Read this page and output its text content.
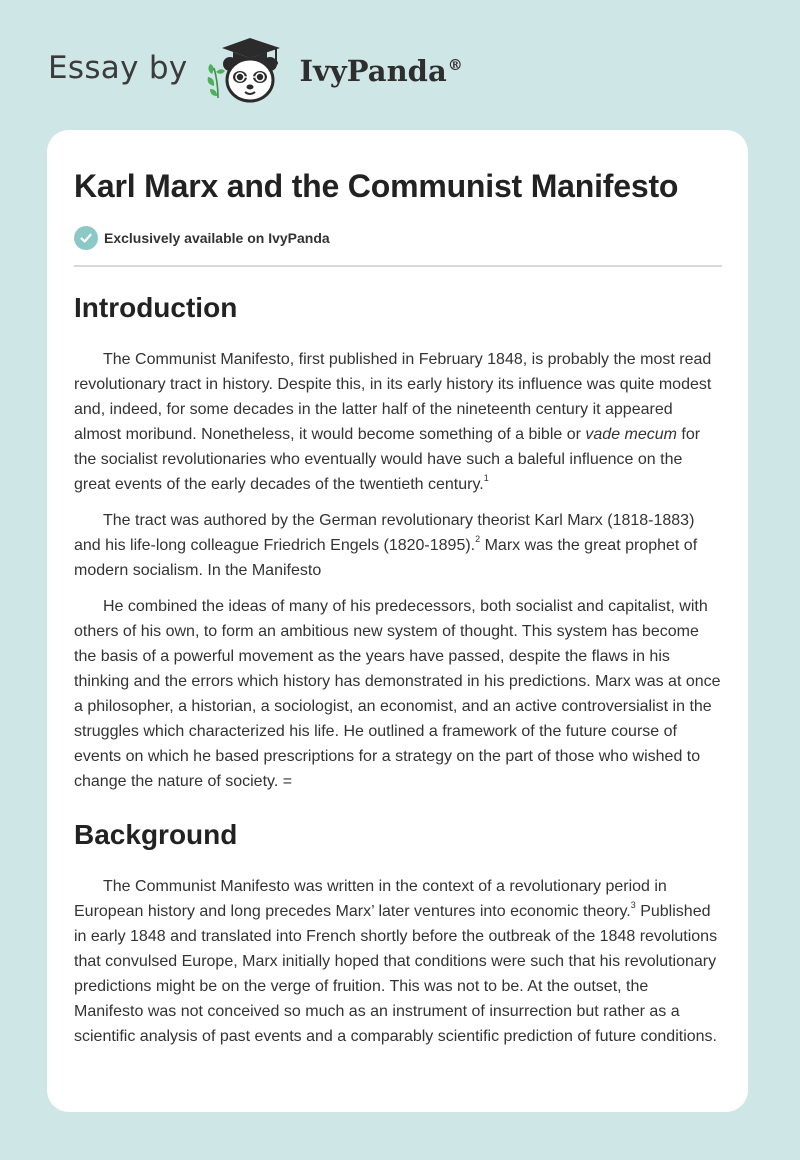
Essay by	IvyPanda®
Karl Marx and the Communist Manifesto
Exclusively available on IvyPanda
Introduction

The Communist Manifesto, first published in February 1848, is probably the most read revolutionary tract in history. Despite this, in its early history its influence was quite modest and, indeed, for some decades in the latter half of the nineteenth century it appeared almost moribund. Nonetheless, it would become something of a bible or vade mecum for the socialist revolutionaries who eventually would have such a baleful influence on the great events of the early decades of the twentieth century.$^1$

The tract was authored by the German revolutionary theorist Karl Marx (1818-1883) and his life-long colleague Friedrich Engels (1820-1895).$^2$ Marx was the great prophet of modern socialism. In the Manifesto

He combined the ideas of many of his predecessors, both socialist and capitalist, with others of his own, to form an ambitious new system of thought. This system has become the basis of a powerful movement as the years have passed, despite the flaws in his thinking and the errors which history has demonstrated in his predictions. Marx was at once a philosopher, a historian, a sociologist, an economist, and an active controversialist in the struggles which characterized his life. He outlined a framework of the future course of events on which he based prescriptions for a strategy on the part of those who wished to change the nature of society. =

Background

The Communist Manifesto was written in the context of a revolutionary period in European history and long precedes Marx’ later ventures into economic theory.$^3$ Published in early 1848 and translated into French shortly before the outbreak of the 1848 revolutions that convulsed Europe, Marx initially hoped that conditions were such that his revolutionary predictions might be on the verge of fruition. This was not to be. At the outset, the Manifesto was not conceived so much as an instrument of insurrection but rather as a scientific analysis of past events and a comparably scientific prediction of future conditions.
